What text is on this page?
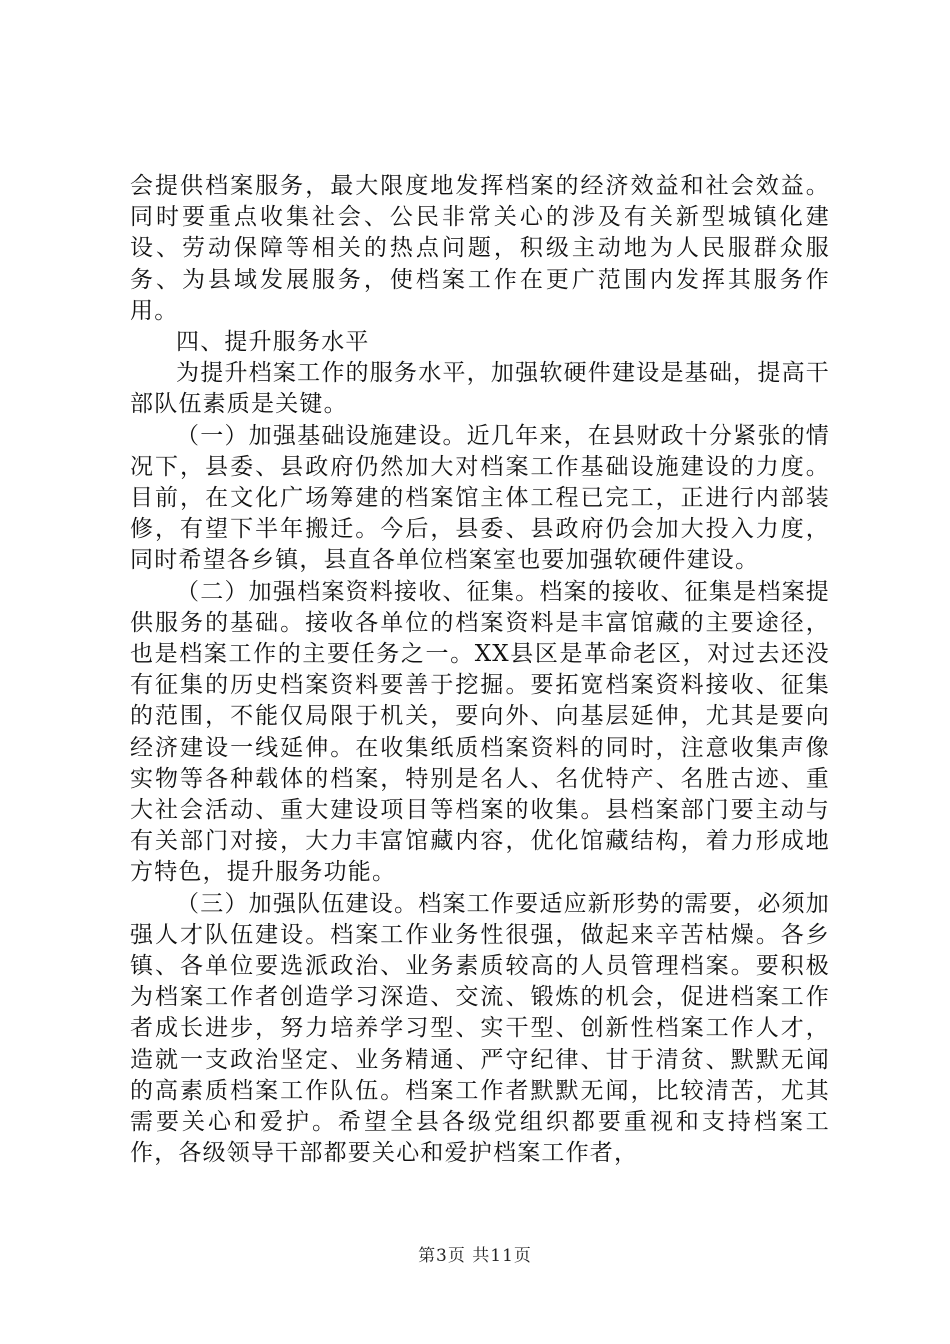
会提供档案服务，最大限度地发挥档案的经济效益和社会效益。同时要重点收集社会、公民非常关心的涉及有关新型城镇化建设、劳动保障等相关的热点问题，积级主动地为人民服群众服务、为县域发展服务，使档案工作在更广范围内发挥其服务作用。

四、提升服务水平

为提升档案工作的服务水平，加强软硬件建设是基础，提高干部队伍素质是关键。

（一）加强基础设施建设。近几年来，在县财政十分紧张的情况下，县委、县政府仍然加大对档案工作基础设施建设的力度。目前，在文化广场筹建的档案馆主体工程已完工，正进行内部装修，有望下半年搬迁。今后，县委、县政府仍会加大投入力度，同时希望各乡镇，县直各单位档案室也要加强软硬件建设。

（二）加强档案资料接收、征集。档案的接收、征集是档案提供服务的基础。接收各单位的档案资料是丰富馆藏的主要途径，也是档案工作的主要任务之一。XX县区是革命老区，对过去还没有征集的历史档案资料要善于挖掘。要拓宽档案资料接收、征集的范围，不能仅局限于机关，要向外、向基层延伸，尤其是要向经济建设一线延伸。在收集纸质档案资料的同时，注意收集声像实物等各种载体的档案，特别是名人、名优特产、名胜古迹、重大社会活动、重大建设项目等档案的收集。县档案部门要主动与有关部门对接，大力丰富馆藏内容，优化馆藏结构，着力形成地方特色，提升服务功能。

（三）加强队伍建设。档案工作要适应新形势的需要，必须加强人才队伍建设。档案工作业务性很强，做起来辛苦枯燥。各乡镇、各单位要选派政治、业务素质较高的人员管理档案。要积极为档案工作者创造学习深造、交流、锻炼的机会，促进档案工作者成长进步，努力培养学习型、实干型、创新性档案工作人才，造就一支政治坚定、业务精通、严守纪律、甘于清贫、默默无闻的高素质档案工作队伍。档案工作者默默无闻，比较清苦，尤其需要关心和爱护。希望全县各级党组织都要重视和支持档案工作，各级领导干部都要关心和爱护档案工作者，

第3页 共11页
